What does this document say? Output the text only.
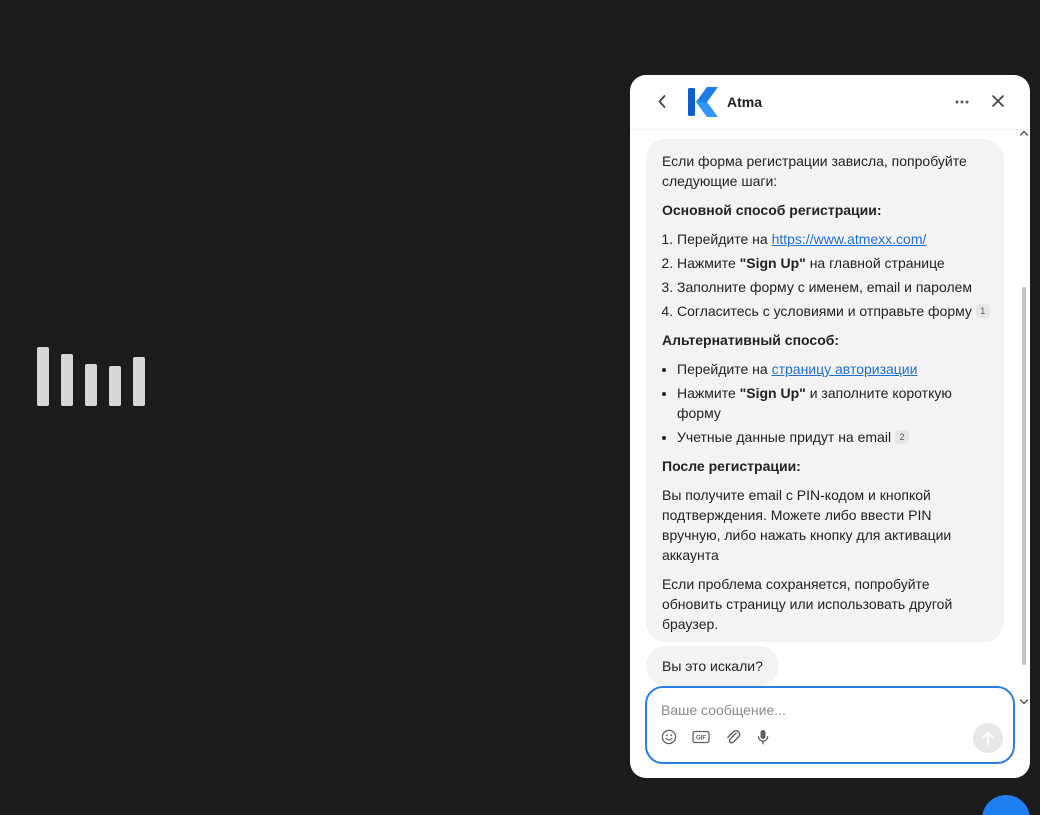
Atma

Если форма регистрации зависла, попробуйте следующие шаги:

Основной способ регистрации:
1. Перейдите на https://www.atmexx.com/
2. Нажмите "Sign Up" на главной странице
3. Заполните форму с именем, email и паролем
4. Согласитесь с условиями и отправьте форму 1
Альтернативный способ:
• Перейдите на страницу авторизации
• Нажмите "Sign Up" и заполните короткую форму
• Учетные данные придут на email 2
После регистрации:

Вы получите email с PIN-кодом и кнопкой подтверждения. Можете либо ввести PIN вручную, либо нажать кнопку для активации аккаунта

Если проблема сохраняется, попробуйте обновить страницу или использовать другой браузер.

Вы это искали?
Ваше сообщение...
GIF
